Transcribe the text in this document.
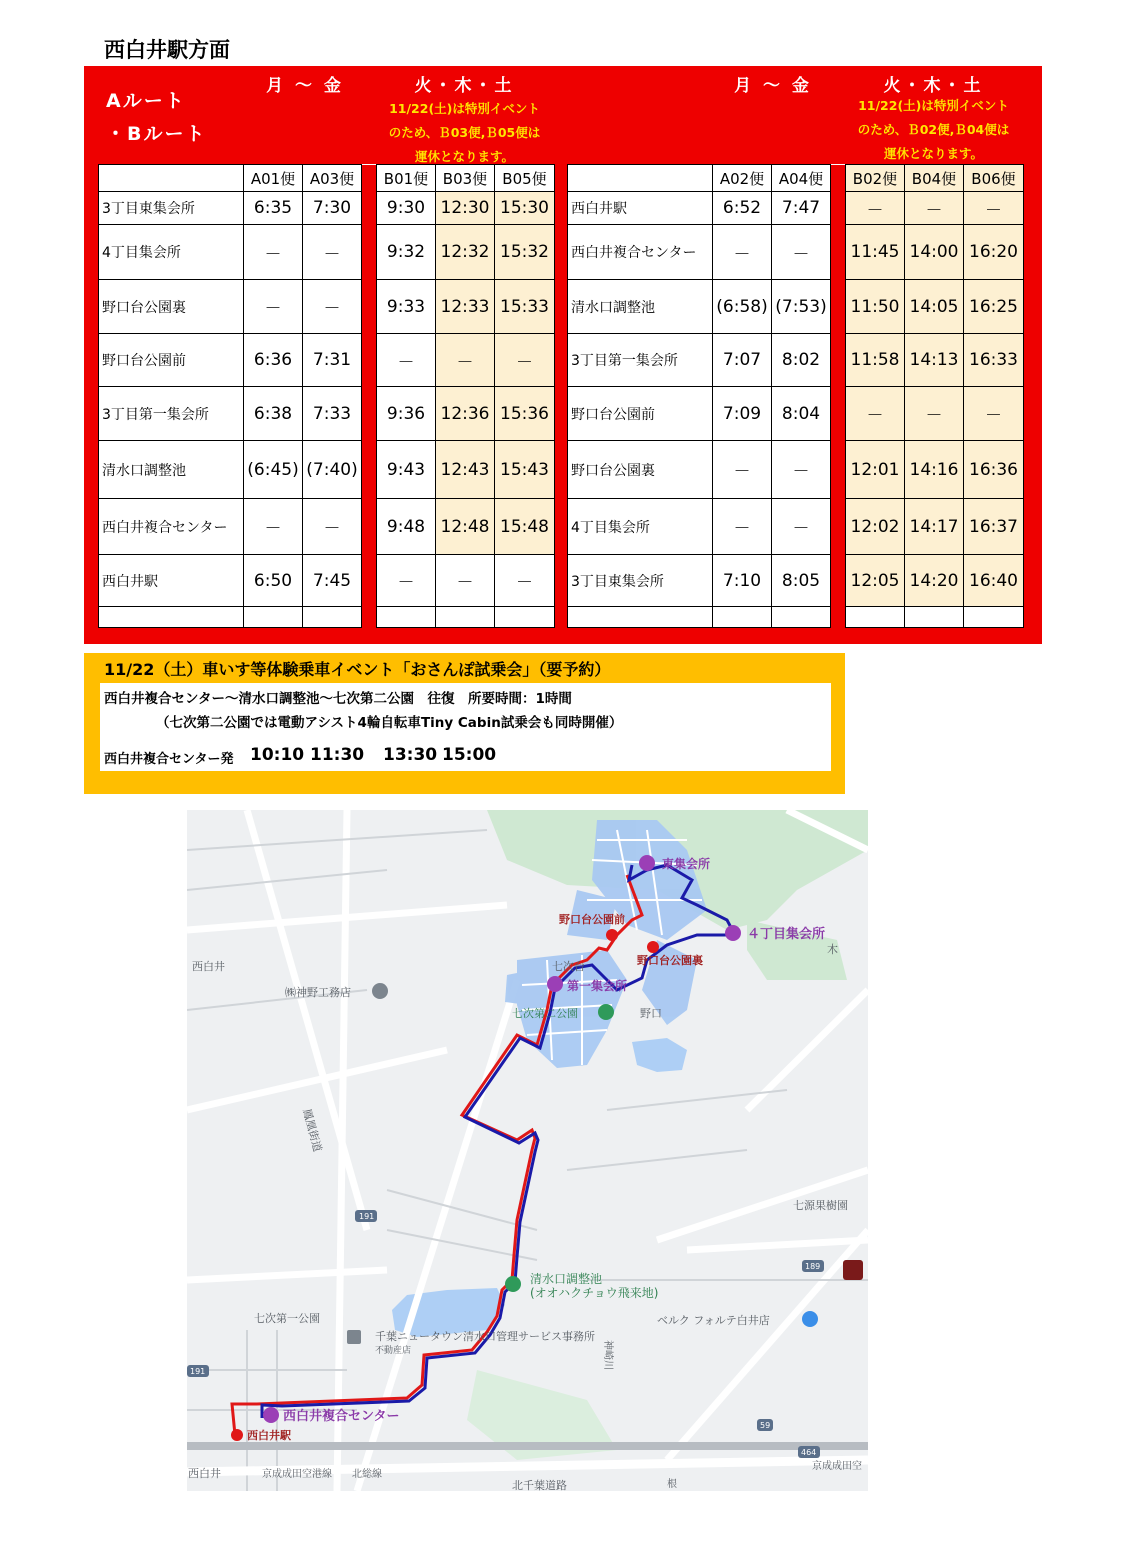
西白井駅方面
Aルート
・Bルート
月 ～ 金	火・木・土
11/22(土)は特別イベント
のため、Ｂ03便,Ｂ05便は
運休となります。
月 ～ 金	火・木・土
11/22(土)は特別イベント
のため、Ｂ02便,Ｂ04便は
運休となります。
	A01便	A03便		B01便	B03便	B05便
3丁目東集会所	6:35	7:30		9:30	12:30	15:30
4丁目集会所	－	－		9:32	12:32	15:32
野口台公園裏	－	－		9:33	12:33	15:33
野口台公園前	6:36	7:31		－	－	－
3丁目第一集会所	6:38	7:33		9:36	12:36	15:36
清水口調整池	(6:45)	(7:40)		9:43	12:43	15:43
西白井複合センター	－	－		9:48	12:48	15:48
西白井駅	6:50	7:45		－	－	－

	A02便	A04便		B02便	B04便	B06便
西白井駅	6:52	7:47		－	－	－
西白井複合センター	－	－		11:45	14:00	16:20
清水口調整池	(6:58)	(7:53)		11:50	14:05	16:25
3丁目第一集会所	7:07	8:02		11:58	14:13	16:33
野口台公園前	7:09	8:04		－	－	－
野口台公園裏	－	－		12:01	14:16	16:36
4丁目集会所	－	－		12:02	14:17	16:37
3丁目東集会所	7:10	8:05		12:05	14:20	16:40

11/22（土）車いす等体験乗車イベント「おさんぽ試乗会」（要予約）
西白井複合センター～清水口調整池～七次第二公園　往復　所要時間：1時間
（七次第二公園では電動アシスト4輪自転車Tiny Cabin試乗会も同時開催）
西白井複合センター発 10:10 11:30 13:30 15:00
東集会所
４丁目集会所
第一集会所
西白井複合センター
野口台公園前
野口台公園裏
西白井駅
七次第二公園
清水口調整池
(オオハクチョウ飛来地)
七次台
野口
西白井
㈱神野工務店
七次第一公園
千葉ニュータウン清水口管理サービス事務所
不動産店
ベルク フォルテ白井店
七源果樹園
西白井	京成成田空港線 北総線
北千葉道路
京成成田空
木
根
鳳凰街道
神崎川
191
191
189
59
464
